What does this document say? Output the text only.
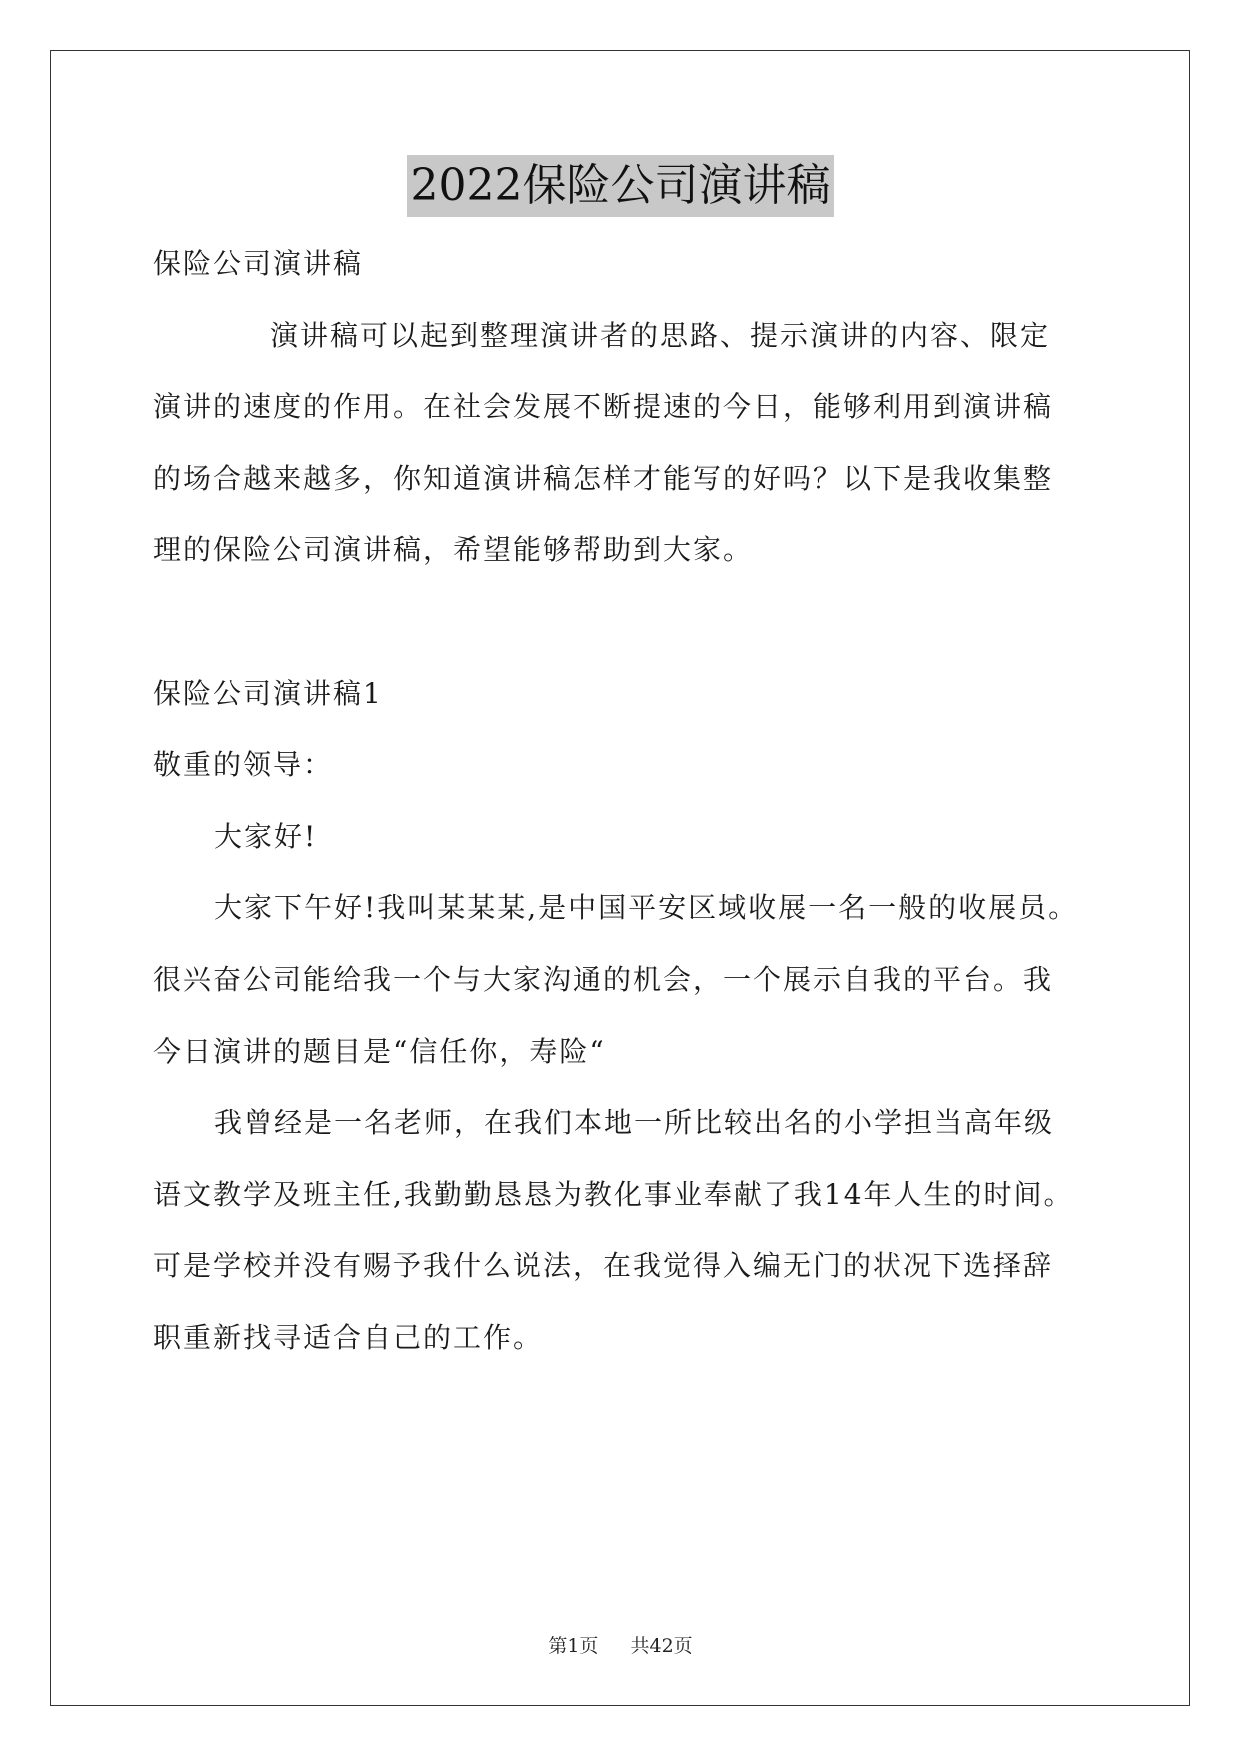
2022保险公司演讲稿
保险公司演讲稿
演讲稿可以起到整理演讲者的思路、提示演讲的内容、限定
演讲的速度的作用。在社会发展不断提速的今日，能够利用到演讲稿
的场合越来越多，你知道演讲稿怎样才能写的好吗？以下是我收集整
理的保险公司演讲稿，希望能够帮助到大家。
保险公司演讲稿1
敬重的领导：
大家好!
大家下午好!我叫某某某,是中国平安区域收展一名一般的收展员。
很兴奋公司能给我一个与大家沟通的机会，一个展示自我的平台。我
今日演讲的题目是“信任你，寿险“
我曾经是一名老师，在我们本地一所比较出名的小学担当高年级
语文教学及班主任,我勤勤恳恳为教化事业奉献了我14年人生的时间。
可是学校并没有赐予我什么说法，在我觉得入编无门的状况下选择辞
职重新找寻适合自己的工作。
第1页 共42页
